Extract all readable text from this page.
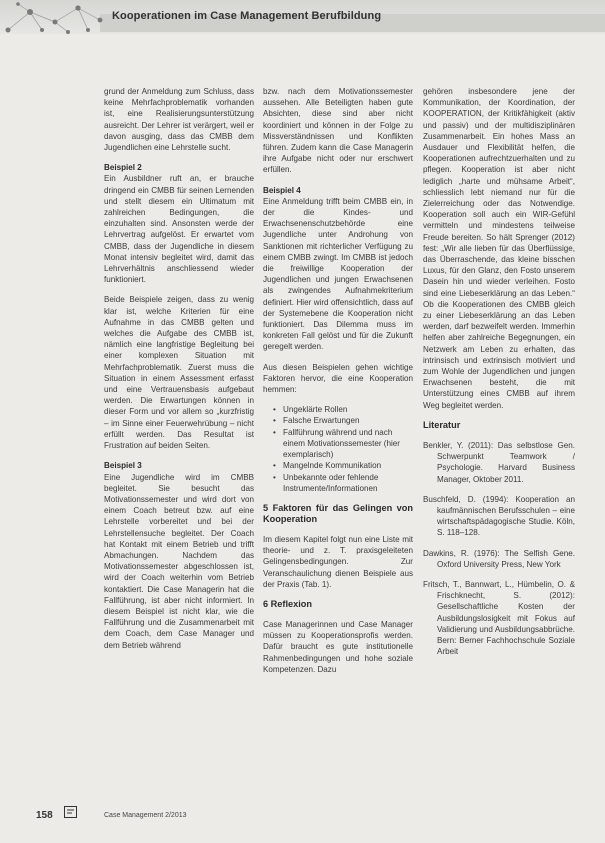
Kooperationen im Case Management Berufbildung

grund der Anmeldung zum Schluss, dass keine Mehrfachproblematik vorhanden ist, eine Realisierungsunterstützung ausreicht. Der Lehrer ist verärgert, weil er davon ausging, dass das CMBB dem Jugendlichen eine Lehrstelle sucht.

Beispiel 2

Ein Ausbildner ruft an, er brauche dringend ein CMBB für seinen Lernenden und stellt diesem ein Ultimatum mit zahlreichen Bedingungen, die einzuhalten sind. Ansonsten werde der Lehrvertrag aufgelöst. Er erwartet vom CMBB, dass der Jugendliche in diesem Monat intensiv begleitet wird, damit das Lehrverhältnis anschliessend wieder funktioniert.

Beide Beispiele zeigen, dass zu wenig klar ist, welche Kriterien für eine Aufnahme in das CMBB gelten und welches die Aufgabe des CMBB ist, nämlich eine langfristige Begleitung bei einer komplexen Situation mit Mehrfachproblematik. Zuerst muss die Situation in einem Assessment erfasst und eine Vertrauensbasis aufgebaut werden. Die Erwartungen können in dieser Form und vor allem so „kurzfristig – im Sinne einer Feuerwehrübung – nicht erfüllt werden. Das Resultat ist Frustration auf beiden Seiten.

Beispiel 3

Eine Jugendliche wird im CMBB begleitet. Sie besucht das Motivationssemester und wird dort von einem Coach betreut bzw. auf eine Lehrstelle vorbereitet und bei der Lehrstellensuche begleitet. Der Coach hat Kontakt mit einem Betrieb und trifft Abmachungen. Nachdem das Motivationssemester abgeschlossen ist, wird der Coach weiterhin vom Betrieb kontaktiert. Die Case Managerin hat die Fallführung, ist aber nicht informiert. In diesem Beispiel ist nicht klar, wie die Fallführung und die Zusammenarbeit mit dem Coach, dem Case Manager und dem Betrieb während

bzw. nach dem Motivationssemester aussehen. Alle Beteiligten haben gute Absichten, diese sind aber nicht koordiniert und können in der Folge zu Missverständnissen und Konflikten führen. Zudem kann die Case Managerin ihre Aufgabe nicht oder nur erschwert erfüllen.

Beispiel 4

Eine Anmeldung trifft beim CMBB ein, in der die Kindes- und Erwachsenenschutzbehörde eine Jugendliche unter Androhung von Sanktionen mit richterlicher Verfügung zu einem CMBB zwingt. Im CMBB ist jedoch die freiwillige Kooperation der Jugendlichen und jungen Erwachsenen als zwingendes Aufnahmekriterium definiert. Hier wird offensichtlich, dass auf der Systemebene die Kooperation nicht funktioniert. Das Dilemma muss im konkreten Fall gelöst und für die Zukunft geregelt werden.

Aus diesen Beispielen gehen wichtige Faktoren hervor, die eine Kooperation hemmen:

• Ungeklärte Rollen
• Falsche Erwartungen
• Fallführung während und nach einem Motivationssemester (hier exemplarisch)
• Mangelnde Kommunikation
• Unbekannte oder fehlende Instrumente/Informationen

5 Faktoren für das Gelingen von Kooperation

Im diesem Kapitel folgt nun eine Liste mit theorie- und z. T. praxisgeleiteten Gelingensbedingungen. Zur Veranschaulichung dienen Beispiele aus der Praxis (Tab. 1).

6 Reflexion

Case Managerinnen und Case Manager müssen zu Kooperationsprofis werden. Dafür braucht es gute institutionelle Rahmenbedingungen und hohe soziale Kompetenzen. Dazu

gehören insbesondere jene der Kommunikation, der Koordination, der KOOPERATION, der Kritikfähigkeit (aktiv und passiv) und der multidisziplinären Zusammenarbeit. Ein hohes Mass an Ausdauer und Flexibilität helfen, die Kooperationen aufrechtzuerhalten und zu pflegen. Kooperation ist aber nicht lediglich „harte und mühsame Arbeit“, schliesslich lebt niemand nur für die Zielerreichung oder das Notwendige. Kooperation soll auch ein WIR-Gefühl vermitteln und mindestens teilweise Freude bereiten. So hält Sprenger (2012) fest: „Wir alle lieben für das Überflüssige, das Überraschende, das kleine bisschen Luxus, für den Glanz, den Fosto unserem Dasein hin und wieder verleihen. Fosto sind eine Liebeserklärung an das Leben.“ Ob die Kooperationen des CMBB gleich zu einer Liebeserklärung an das Leben werden, darf bezweifelt werden. Immerhin helfen aber zahlreiche Begegnungen, ein Netzwerk am Leben zu erhalten, das intrinsisch und extrinsisch motiviert und zum Wohle der Jugendlichen und jungen Erwachsenen besteht, die mit Unterstützung eines CMBB auf ihrem Weg begleitet werden.

Literatur

Benkler, Y. (2011): Das selbstlose Gen. Schwerpunkt Teamwork / Psychologie. Harvard Business Manager, Oktober 2011.

Buschfeld, D. (1994): Kooperation an kaufmännischen Berufsschulen – eine wirtschaftspädagogische Studie. Köln, S. 118–128.

Dawkins, R. (1976): The Selfish Gene. Oxford University Press, New York

Fritsch, T., Bannwart, L., Hümbelin, O. & Frischknecht, S. (2012): Gesellschaftliche Kosten der Ausbildungslosigkeit mit Fokus auf Validierung und Ausbildungsabbrüche. Bern: Berner Fachhochschule Soziale Arbeit

158	Case Management 2/2013
